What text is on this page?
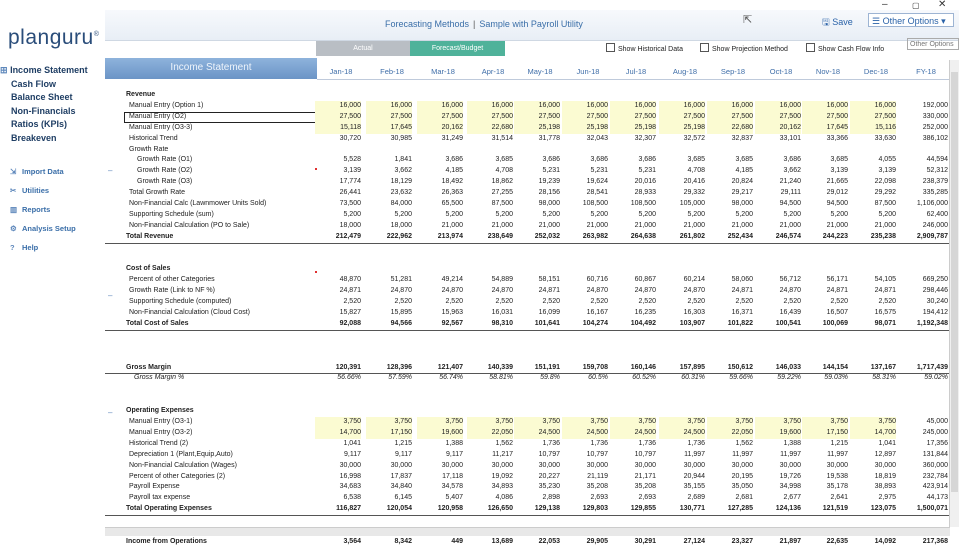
–	▢ ✕
planguru®
Forecasting Methods | Sample with Payroll Utility	⇱	🖫 Save	☰ Other Options ▾
Actual	Forecast/Budget	Show Historical Data	Show Projection Method	Show Cash Flow Info
Other Options
⊞ Income Statement
Cash Flow
Balance Sheet
Non-Financials
Ratios (KPIs)
Breakeven
⇲ Import Data
✂ Utilities
▥ Reports
⚙ Analysis Setup
? Help
Income Statement	Jan-18	Feb-18	Mar-18	Apr-18	May-18	Jun-18	Jul-18	Aug-18	Sep-18	Oct-18	Nov-18	Dec-18	FY-18
Revenue
Manual Entry (Option 1)	16,000	16,000	16,000	16,000	16,000	16,000	16,000	16,000	16,000	16,000	16,000	16,000	192,000
Manual Entry (O2)	27,500	27,500	27,500	27,500	27,500	27,500	27,500	27,500	27,500	27,500	27,500	27,500	330,000
Manual Entry (O3-3)	15,118	17,645	20,162	22,680	25,198	25,198	25,198	25,198	22,680	20,162	17,645	15,116	252,000
Historical Trend	30,720	30,985	31,249	31,514	31,778	32,043	32,307	32,572	32,837	33,101	33,366	33,630	386,102
Growth Rate
Growth Rate (O1)	5,528	1,841	3,686	3,685	3,686	3,686	3,686	3,685	3,685	3,686	3,685	4,055	44,594
Growth Rate (O2)	3,139	3,662	4,185	4,708	5,231	5,231	5,231	4,708	4,185	3,662	3,139	3,139	52,312
Growth Rate (O3)	17,774	18,129	18,492	18,862	19,239	19,624	20,016	20,416	20,824	21,240	21,665	22,098	238,379
Total Growth Rate	26,441	23,632	26,363	27,255	28,156	28,541	28,933	29,332	29,217	29,111	29,012	29,292	335,285
Non-Financial Calc (Lawnmower Units Sold)	73,500	84,000	65,500	87,500	98,000	108,500	108,500	105,000	98,000	94,500	94,500	87,500	1,106,000
Supporting Schedule (sum)	5,200	5,200	5,200	5,200	5,200	5,200	5,200	5,200	5,200	5,200	5,200	5,200	62,400
Non-Financial Calculation (PO to Sale)	18,000	18,000	21,000	21,000	21,000	21,000	21,000	21,000	21,000	21,000	21,000	21,000	246,000
Total Revenue	212,479	222,962	213,974	238,649	252,032	263,982	264,638	261,802	252,434	246,574	244,223	235,238	2,909,787
Cost of Sales
Percent of other Categories	48,870	51,281	49,214	54,889	58,151	60,716	60,867	60,214	58,060	56,712	56,171	54,105	669,250
Growth Rate (Link to NF %)	24,871	24,870	24,870	24,870	24,871	24,870	24,870	24,870	24,871	24,870	24,871	24,871	298,446
Supporting Schedule (computed)	2,520	2,520	2,520	2,520	2,520	2,520	2,520	2,520	2,520	2,520	2,520	2,520	30,240
Non-Financial Calculation (Cloud Cost)	15,827	15,895	15,963	16,031	16,099	16,167	16,235	16,303	16,371	16,439	16,507	16,575	194,412
Total Cost of Sales	92,088	94,566	92,567	98,310	101,641	104,274	104,492	103,907	101,822	100,541	100,069	98,071	1,192,348
Gross Margin	120,391	128,396	121,407	140,339	151,191	159,708	160,146	157,895	150,612	146,033	144,154	137,167	1,717,439
Gross Margin %	56.66%	57.59%	56.74%	58.81%	59.8%	60.5%	60.52%	60.31%	59.66%	59.22%	59.03%	58.31%	59.02%
Operating Expenses
Manual Entry (O3-1)	3,750	3,750	3,750	3,750	3,750	3,750	3,750	3,750	3,750	3,750	3,750	3,750	45,000
Manual Entry (O3-2)	14,700	17,150	19,600	22,050	24,500	24,500	24,500	24,500	22,050	19,600	17,150	14,700	245,000
Historical Trend (2)	1,041	1,215	1,388	1,562	1,736	1,736	1,736	1,736	1,562	1,388	1,215	1,041	17,356
Depreciation 1 (Plant,Equip,Auto)	9,117	9,117	9,117	11,217	10,797	10,797	10,797	11,997	11,997	11,997	11,997	12,897	131,844
Non-Financial Calculation (Wages)	30,000	30,000	30,000	30,000	30,000	30,000	30,000	30,000	30,000	30,000	30,000	30,000	360,000
Percent of other Categories (2)	16,998	17,837	17,118	19,092	20,227	21,119	21,171	20,944	20,195	19,726	19,538	18,819	232,784
Payroll Expense	34,683	34,840	34,578	34,893	35,230	35,208	35,208	35,155	35,050	34,998	35,178	38,893	423,914
Payroll tax expense	6,538	6,145	5,407	4,086	2,898	2,693	2,693	2,689	2,681	2,677	2,641	2,975	44,173
Total Operating Expenses	116,827	120,054	120,958	126,650	129,138	129,803	129,855	130,771	127,285	124,136	121,519	123,075	1,500,071
Income from Operations	3,564	8,342	449	13,689	22,053	29,905	30,291	27,124	23,327	21,897	22,635	14,092	217,368
–
–
–
